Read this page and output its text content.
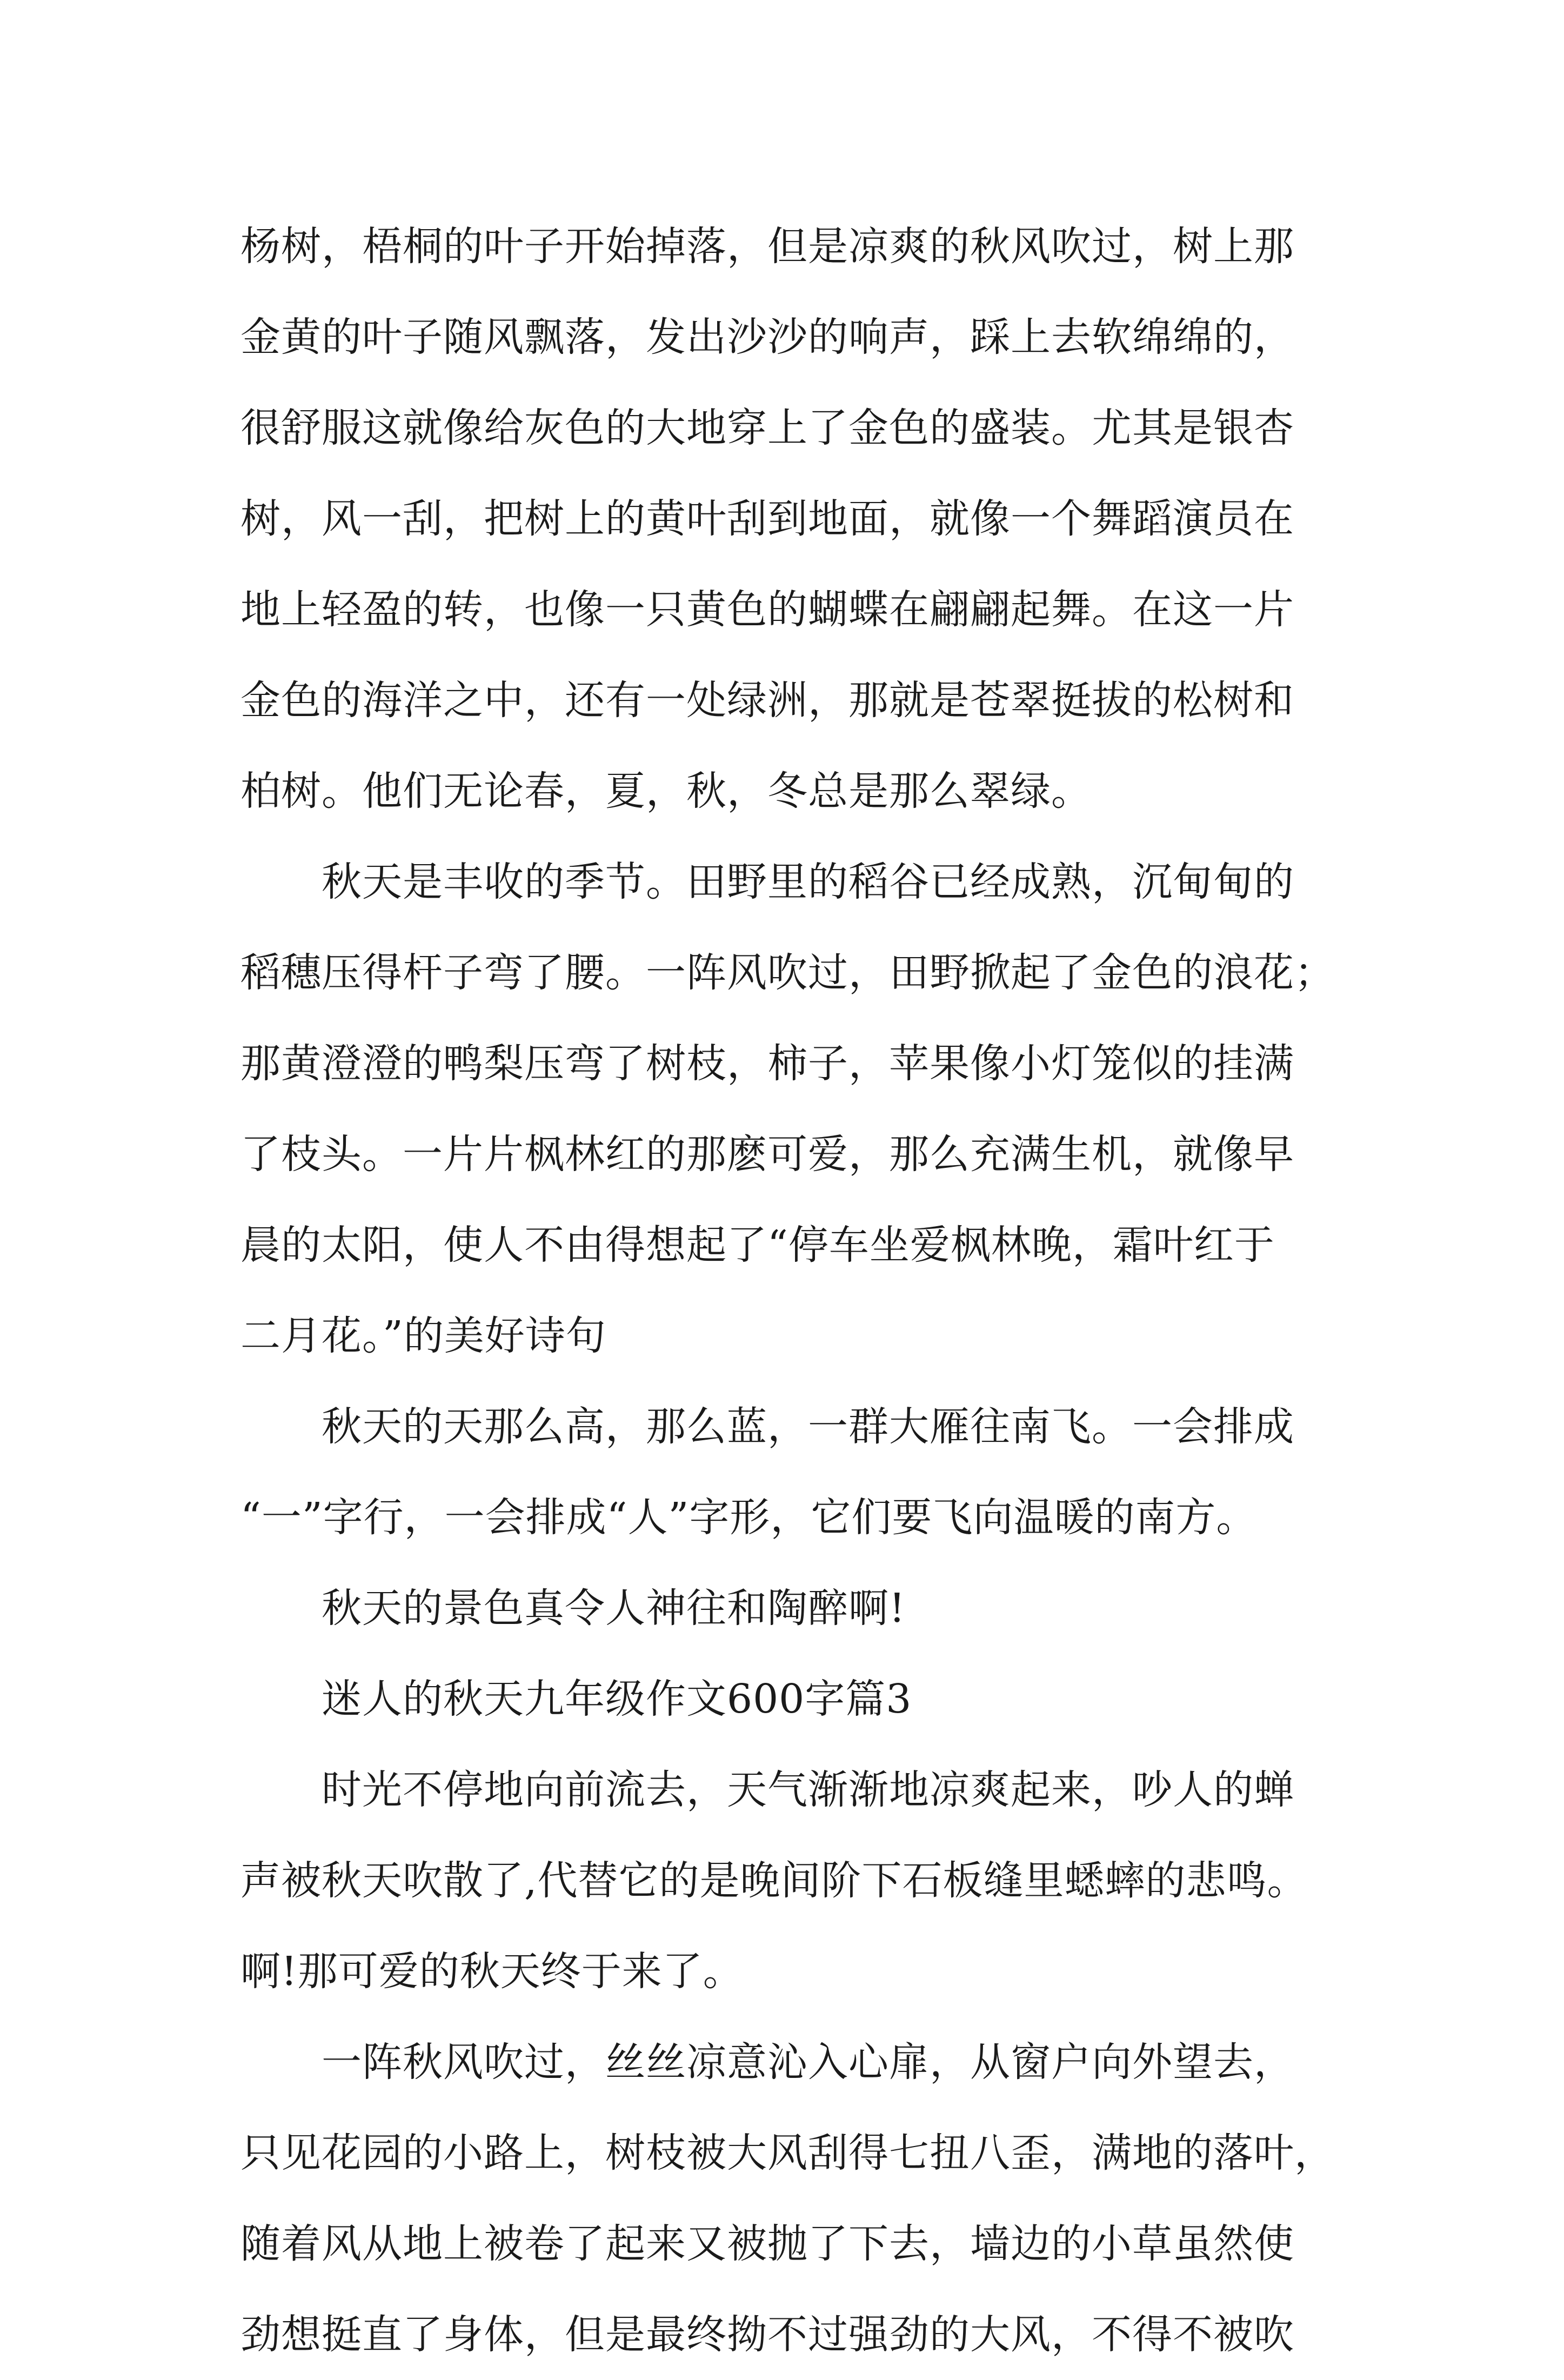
杨树，梧桐的叶子开始掉落，但是凉爽的秋风吹过，树上那
金黄的叶子随风飘落，发出沙沙的响声，踩上去软绵绵的，
很舒服这就像给灰色的大地穿上了金色的盛装。尤其是银杏
树，风一刮，把树上的黄叶刮到地面，就像一个舞蹈演员在
地上轻盈的转，也像一只黄色的蝴蝶在翩翩起舞。在这一片
金色的海洋之中，还有一处绿洲，那就是苍翠挺拔的松树和
柏树。他们无论春，夏，秋，冬总是那么翠绿。
秋天是丰收的季节。田野里的稻谷已经成熟，沉甸甸的
稻穗压得杆子弯了腰。一阵风吹过，田野掀起了金色的浪花；
那黄澄澄的鸭梨压弯了树枝，柿子，苹果像小灯笼似的挂满
了枝头。一片片枫林红的那麽可爱，那么充满生机，就像早
晨的太阳，使人不由得想起了“停车坐爱枫林晚，霜叶红于
二月花。”的美好诗句
秋天的天那么高，那么蓝，一群大雁往南飞。一会排成
“一”字行，一会排成“人”字形，它们要飞向温暖的南方。
秋天的景色真令人神往和陶醉啊!
迷人的秋天九年级作文600字篇3
时光不停地向前流去，天气渐渐地凉爽起来，吵人的蝉
声被秋天吹散了,代替它的是晚间阶下石板缝里蟋蟀的悲鸣。
啊!那可爱的秋天终于来了。
一阵秋风吹过，丝丝凉意沁入心扉，从窗户向外望去，
只见花园的小路上，树枝被大风刮得七扭八歪，满地的落叶，
随着风从地上被卷了起来又被抛了下去，墙边的小草虽然使
劲想挺直了身体，但是最终拗不过强劲的大风，不得不被吹
